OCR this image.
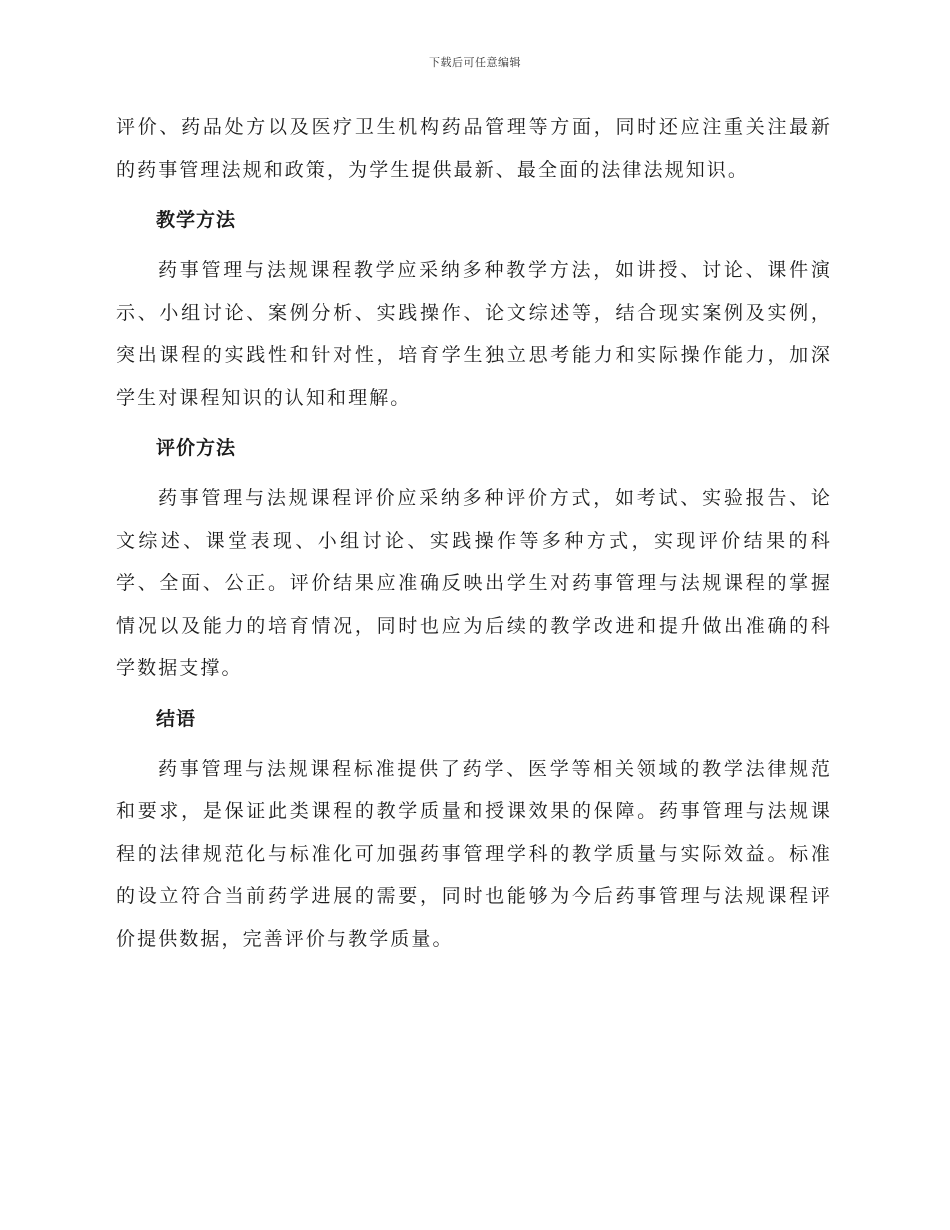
下载后可任意编辑

评价、药品处方以及医疗卫生机构药品管理等方面，同时还应注重关注最新的药事管理法规和政策，为学生提供最新、最全面的法律法规知识。

教学方法

药事管理与法规课程教学应采纳多种教学方法，如讲授、讨论、课件演示、小组讨论、案例分析、实践操作、论文综述等，结合现实案例及实例，突出课程的实践性和针对性，培育学生独立思考能力和实际操作能力，加深学生对课程知识的认知和理解。

评价方法

药事管理与法规课程评价应采纳多种评价方式，如考试、实验报告、论文综述、课堂表现、小组讨论、实践操作等多种方式，实现评价结果的科学、全面、公正。评价结果应准确反映出学生对药事管理与法规课程的掌握情况以及能力的培育情况，同时也应为后续的教学改进和提升做出准确的科学数据支撑。

结语

药事管理与法规课程标准提供了药学、医学等相关领域的教学法律规范和要求，是保证此类课程的教学质量和授课效果的保障。药事管理与法规课程的法律规范化与标准化可加强药事管理学科的教学质量与实际效益。标准的设立符合当前药学进展的需要，同时也能够为今后药事管理与法规课程评价提供数据，完善评价与教学质量。
